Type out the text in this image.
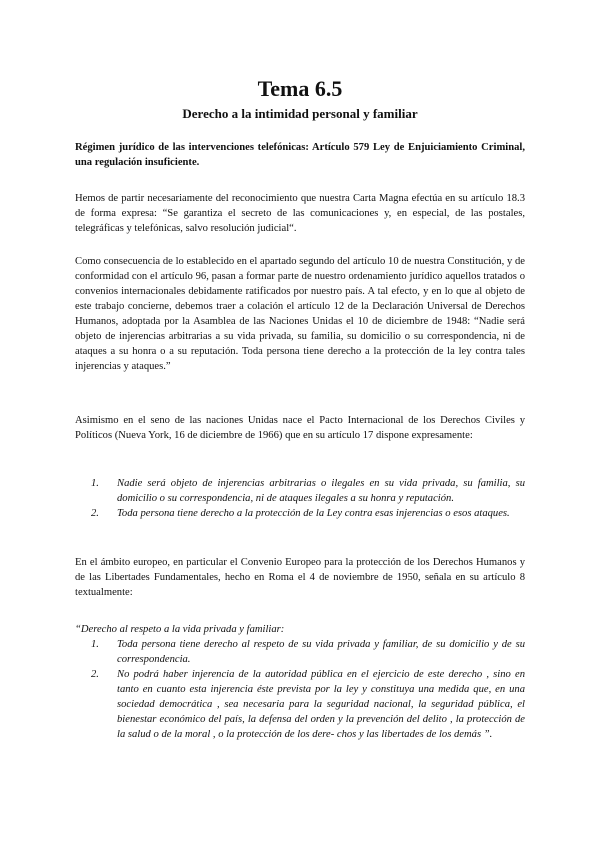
Tema 6.5
Derecho a la intimidad personal y familiar

Régimen jurídico de las intervenciones telefónicas: Artículo 579 Ley de Enjuiciamiento Criminal, una regulación insuficiente.

Hemos de partir necesariamente del reconocimiento que nuestra Carta Magna efectúa en su artículo 18.3 de forma expresa: “Se garantiza el secreto de las comunicaciones y, en especial, de las postales, telegráficas y telefónicas, salvo resolución judicial“.

Como consecuencia de lo establecido en el apartado segundo del artículo 10 de nuestra Constitución, y de conformidad con el artículo 96, pasan a formar parte de nuestro ordenamiento jurídico aquellos tratados o convenios internacionales debidamente ratificados por nuestro país. A tal efecto, y en lo que al objeto de este trabajo concierne, debemos traer a colación el artículo 12 de la Declaración Universal de Derechos Humanos, adoptada por la Asamblea de las Naciones Unidas el 10 de diciembre de 1948: “Nadie será objeto de injerencias arbitrarias a su vida privada, su familia, su domicilio o su correspondencia, ni de ataques a su honra o a su reputación. Toda persona tiene derecho a la protección de la ley contra tales injerencias y ataques.”

Asimismo en el seno de las naciones Unidas nace el Pacto Internacional de los Derechos Civiles y Políticos (Nueva York, 16 de diciembre de 1966) que en su artículo 17 dispone expresamente:

1. Nadie será objeto de injerencias arbitrarias o ilegales en su vida privada, su familia, su domicilio o su correspondencia, ni de ataques ilegales a su honra y reputación.
2. Toda persona tiene derecho a la protección de la Ley contra esas injerencias o esos ataques.

En el ámbito europeo, en particular el Convenio Europeo para la protección de los Derechos Humanos y de las Libertades Fundamentales, hecho en Roma el 4 de noviembre de 1950, señala en su artículo 8 textualmente:

“Derecho al respeto a la vida privada y familiar:

1. Toda persona tiene derecho al respeto de su vida privada y familiar, de su domicilio y de su correspondencia.
2. No podrá haber injerencia de la autoridad pública en el ejercicio de este derecho , sino en tanto en cuanto esta injerencia éste prevista por la ley y constituya una medida que, en una sociedad democrática , sea necesaria para la seguridad nacional, la seguridad pública, el bienestar económico del país, la defensa del orden y la prevención del delito , la protección de la salud o de la moral , o la protección de los dere- chos y las libertades de los demás ”.
